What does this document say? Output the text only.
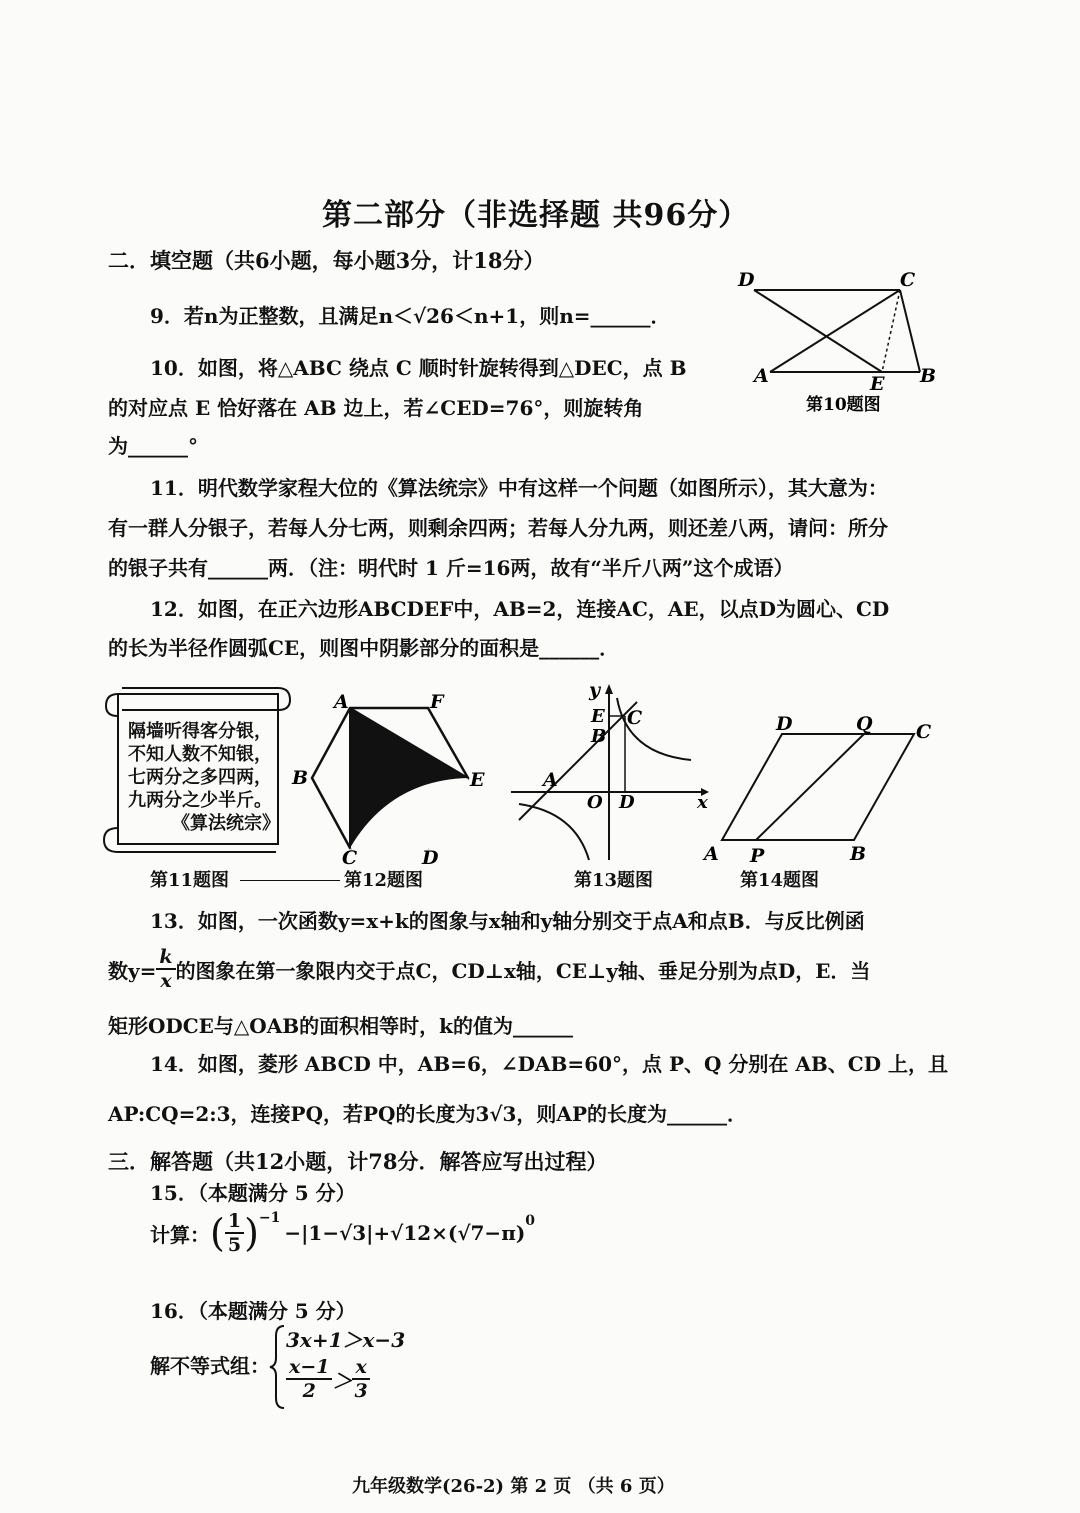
第二部分（非选择题 共96分）
二．填空题（共6小题，每小题3分，计18分）
9．若n为正整数，且满足n＜√26＜n+1，则n=______．
10．如图，将△ABC 绕点 C 顺时针旋转得到△DEC，点 B
的对应点 E 恰好落在 AB 边上，若∠CED=76°，则旋转角
为______°
D	C
A	E B
第10题图
11．明代数学家程大位的《算法统宗》中有这样一个问题（如图所示），其大意为：
有一群人分银子，若每人分七两，则剩余四两；若每人分九两，则还差八两，请问：所分
的银子共有______两．（注：明代时 1 斤=16两，故有“半斤八两”这个成语）
12．如图，在正六边形ABCDEF中，AB=2，连接AC，AE，以点D为圆心、CD
的长为半径作圆弧CE，则图中阴影部分的面积是______．
隔墙听得客分银，
不知人数不知银，
七两分之多四两，
九两分之少半斤。
《算法统宗》
第11题图
A	F
B	E
C	D
第12题图
y
E C
B
A
O D	x
第13题图
D	Q C
A P	B
第14题图
13．如图，一次函数y=x+k的图象与x轴和y轴分别交于点A和点B．与反比例函
数$y= \frac{k}{x}$ 的图象在第一象限内交于点C，CD⊥x轴，CE⊥y轴、垂足分别为点D，E．当
矩形ODCE与△OAB的面积相等时，k的值为______
14．如图，菱形 ABCD 中，AB=6，∠DAB=60°，点 P、Q 分别在 AB、CD 上，且
AP:CQ=2:3，连接PQ，若PQ的长度为3√3，则AP的长度为______．
三．解答题（共12小题，计78分．解答应写出过程）
15．（本题满分 5 分）
计算： ( $\frac{1}{5} )^{-1}$
$-|1-√3|+√12\times(√7-\pi)^0$
16．（本题满分 5 分）
解不等式组：
3x+1＞x−3
$\frac{x-1}{2} > \frac{x}{3}$
九年级数学(26-2) 第 2 页 （共 6 页）
